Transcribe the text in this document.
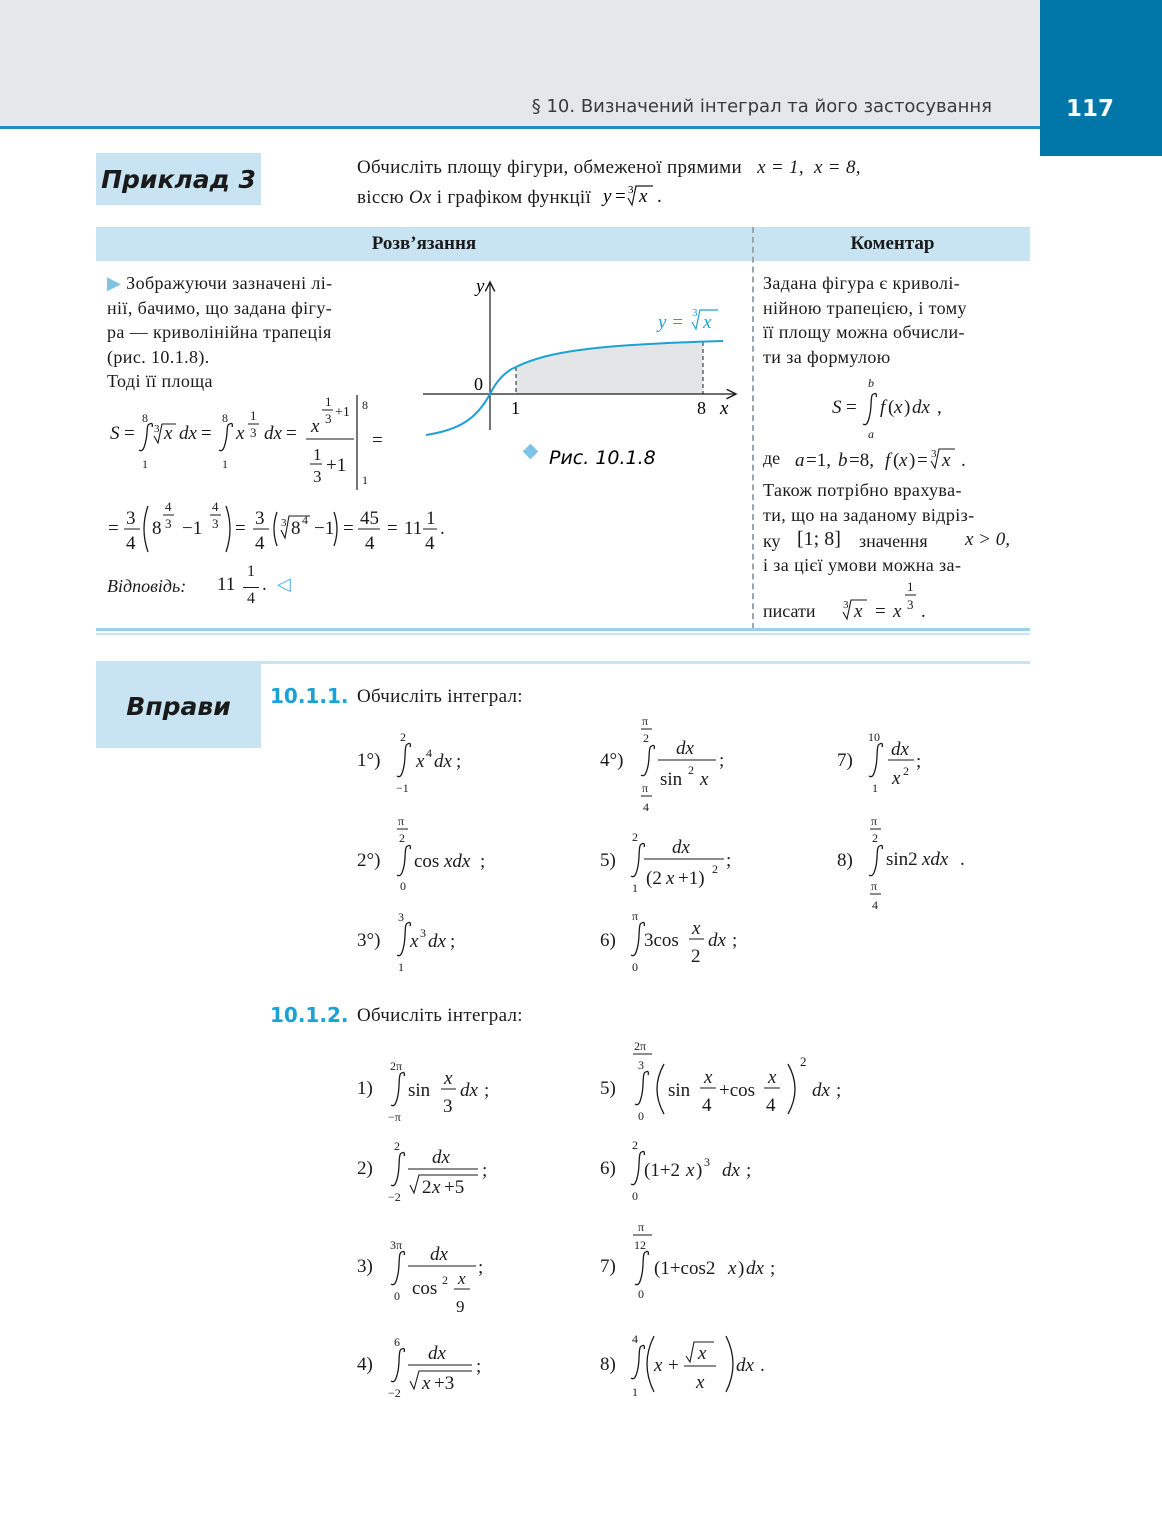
§ 10. Визначений інтеграл та його застосування	117
Приклад 3	Обчисліть площу фігури, обмеженої прямими x = 1, x = 8,
віссю Ox і графіком функції y = 3 x .
Розв’язання	Коментар
▶ Зображуючи зазначені лі-
нії, бачимо, що задана фігу-
ра — криволінійна трапеція
(рис. 10.1.8).
Тоді її площа
S =
8
1
3 x dx =
8
1
x
1
3 dx = x
1
3 +1
1
3
+1
8
1
=
= 3
4
8
4
3 −1
4
3 = 3
4
3 8 4 −1 = 45
4
= 11 1
4
.
Відповідь: 11
1
4
. ◁
y
x
0
1	8
y = 3 x
Рис. 10.1.8
Задана фігура є криволі-
нійною трапецією, і тому
її площу можна обчисли-
ти за формулою
S =
b
a
f ( x ) dx ,
де a =1, b =8, f ( x ) = 3 x .
Також потрібно врахува-
ти, що на заданому відріз-
ку [1; 8] значення x > 0,
і за цієї умови можна за-
писати	3 x = x
1
3 .
Вправи 10.1.1. Обчисліть інтеграл:
1°)
2
−1
x 4 dx ;
2°)
π
2
0
cos xdx ;
3°)
3
1
x 3 dx ;
4°)
π
2
π
4
dx
sin 2 x
;
5)
2
1
dx
(2 x +1) 2 ;
6)
π
0
3cos
x
2
dx ;
7)
10
1
dx
x 2 ;
8)
π
2
π
4
sin2 xdx .
10.1.2. Обчисліть інтеграл:
1)
2π
−π
sin
x
3
dx ;
2)
2
−2
dx
2 x +5
;
3)
3π
0
dx
cos 2 x
9
;
4)
6
−2
dx
x +3
;
5)
2π
3
0
sin
x
4
+cos
x
4
2
dx ;
6)
2
0
(1+2 x ) 3 dx ;
7)
π
12
0
(1+cos2 x ) dx ;
8)
4
1
x +
x
x
dx .
